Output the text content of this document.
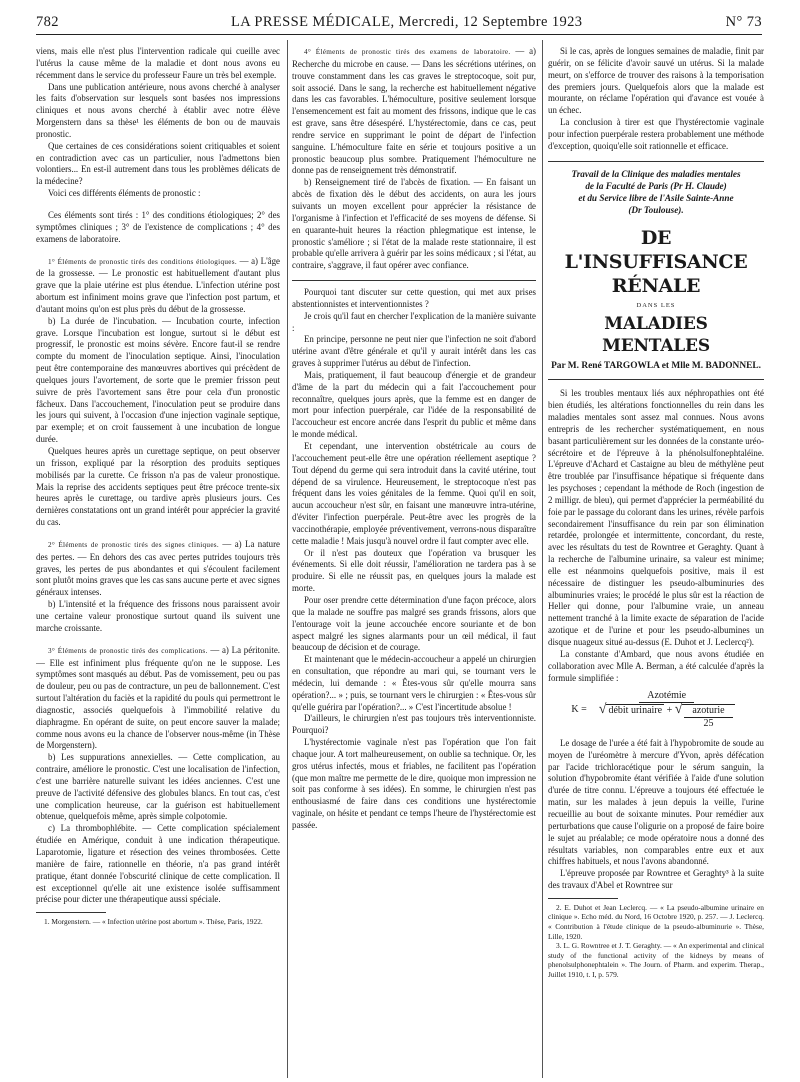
782	LA PRESSE MÉDICALE, Mercredi, 12 Septembre 1923	N° 73

viens, mais elle n'est plus l'intervention radicale qui cueille avec l'utérus la cause même de la maladie et dont nous avons eu récemment dans le service du professeur Faure un très bel exemple.

Dans une publication antérieure, nous avons cherché à analyser les faits d'observation sur lesquels sont basées nos impressions cliniques et nous avons cherché à établir avec notre élève Morgenstern dans sa thèse¹ les éléments de bon ou de mauvais pronostic.

Que certaines de ces considérations soient critiquables et soient en contradiction avec cas un particulier, nous l'admettons bien volontiers... En est-il autrement dans tous les problèmes délicats de la médecine?

Voici ces différents éléments de pronostic :

Ces éléments sont tirés : 1° des conditions étiologiques; 2° des symptômes cliniques ; 3° de l'existence de complications ; 4° des examens de laboratoire.

1° Éléments de pronostic tirés des conditions étiologiques. — a) L'âge de la grossesse. — Le pronostic est habituellement d'autant plus grave que la plaie utérine est plus étendue. L'infection utérine post abortum est infiniment moins grave que l'infection post partum, et d'autant moins qu'on est plus près du début de la grossesse.

b) La durée de l'incubation. — Incubation courte, infection grave. Lorsque l'incubation est longue, surtout si le début est progressif, le pronostic est moins sévère. Encore faut-il se rendre compte du moment de l'inoculation septique. Ainsi, l'inoculation peut être contemporaine des manœuvres abortives qui précèdent de quelques jours l'avortement, de sorte que le premier frisson peut suivre de près l'avortement sans être pour cela d'un pronostic fâcheux. Dans l'accouchement, l'inoculation peut se produire dans les jours qui suivent, à l'occasion d'une injection vaginale septique, par exemple; et on croit faussement à une incubation de longue durée.

Quelques heures après un curettage septique, on peut observer un frisson, expliqué par la résorption des produits septiques mobilisés par la curette. Ce frisson n'a pas de valeur pronostique. Mais la reprise des accidents septiques peut être précoce trente-six heures après le curettage, ou tardive après plusieurs jours. Ces dernières constatations ont un grand intérêt pour apprécier la gravité du cas.

2° Éléments de pronostic tirés des signes cliniques. — a) La nature des pertes. — En dehors des cas avec pertes putrides toujours très graves, les pertes de pus abondantes et qui s'écoulent facilement sont plutôt moins graves que les cas sans aucune perte et avec signes généraux intenses.

b) L'intensité et la fréquence des frissons nous paraissent avoir une certaine valeur pronostique surtout quand ils suivent une marche croissante.

3° Éléments de pronostic tirés des complications. — a) La péritonite. — Elle est infiniment plus fréquente qu'on ne le suppose. Les symptômes sont masqués au début. Pas de vomissement, peu ou pas de douleur, peu ou pas de contracture, un peu de ballonnement. C'est surtout l'altération du faciès et la rapidité du pouls qui permettront le diagnostic, associés quelquefois à l'immobilité relative du diaphragme. En opérant de suite, on peut encore sauver la malade; comme nous avons eu la chance de l'observer nous-même (in Thèse de Morgenstern).

b) Les suppurations annexielles. — Cette complication, au contraire, améliore le pronostic. C'est une localisation de l'infection, c'est une barrière naturelle suivant les idées anciennes. C'est une preuve de l'activité défensive des globules blancs. En tout cas, c'est une complication heureuse, car la guérison est habituellement obtenue, quelquefois même, après simple colpotomie.

c) La thrombophlébite. — Cette complication spécialement étudiée en Amérique, conduit à une indication thérapeutique. Laparotomie, ligature et résection des veines thrombosées. Cette manière de faire, rationnelle en théorie, n'a pas grand intérêt pratique, étant donnée l'obscurité clinique de cette complication. Il est exceptionnel qu'elle ait une existence isolée suffisamment précise pour dicter une thérapeutique aussi spéciale.

1. Morgenstern. — « Infection utérine post abortum ». Thèse, Paris, 1922.

4° Éléments de pronostic tirés des examens de laboratoire. — a) Recherche du microbe en cause. — Dans les sécrétions utérines, on trouve constamment dans les cas graves le streptocoque, soit pur, soit associé. Dans le sang, la recherche est habituellement négative dans les cas favorables. L'hémoculture, positive seulement lorsque l'ensemencement est fait au moment des frissons, indique que le cas est grave, sans être désespéré. L'hystérectomie, dans ce cas, peut rendre service en supprimant le point de départ de l'infection sanguine. L'hémoculture faite en série et toujours positive a un pronostic beaucoup plus sombre. Pratiquement l'hémoculture ne donne pas de renseignement très démonstratif.

b) Renseignement tiré de l'abcès de fixation. — En faisant un abcès de fixation dès le début des accidents, on aura les jours suivants un moyen excellent pour apprécier la résistance de l'organisme à l'infection et l'efficacité de ses moyens de défense. Si en quarante-huit heures la réaction phlegmatique est intense, le pronostic s'améliore ; si l'état de la malade reste stationnaire, il est probable qu'elle arrivera à guérir par les soins médicaux ; si l'état, au contraire, s'aggrave, il faut opérer avec confiance.

Pourquoi tant discuter sur cette question, qui met aux prises abstentionnistes et interventionnistes ?

Je crois qu'il faut en chercher l'explication de la manière suivante :

En principe, personne ne peut nier que l'infection ne soit d'abord utérine avant d'être générale et qu'il y aurait intérêt dans les cas graves à supprimer l'utérus au début de l'infection.

Mais, pratiquement, il faut beaucoup d'énergie et de grandeur d'âme de la part du médecin qui a fait l'accouchement pour reconnaître, quelques jours après, que la femme est en danger de mort pour infection puerpérale, car l'idée de la responsabilité de l'accoucheur est encore ancrée dans l'esprit du public et même dans le monde médical.

Et cependant, une intervention obstétricale au cours de l'accouchement peut-elle être une opération réellement aseptique ? Tout dépend du germe qui sera introduit dans la cavité utérine, tout dépend de sa virulence. Heureusement, le streptocoque n'est pas fréquent dans les voies génitales de la femme. Quoi qu'il en soit, aucun accoucheur n'est sûr, en faisant une manœuvre intra-utérine, d'éviter l'infection puerpérale. Peut-être avec les progrès de la vaccinothérapie, employée préventivement, verrons-nous disparaître cette maladie ! Mais jusqu'à nouvel ordre il faut compter avec elle.

Or il n'est pas douteux que l'opération va brusquer les événements. Si elle doit réussir, l'amélioration ne tardera pas à se produire. Si elle ne réussit pas, en quelques jours la malade est morte.

Pour oser prendre cette détermination d'une façon précoce, alors que la malade ne souffre pas malgré ses grands frissons, alors que l'entourage voit la jeune accouchée encore souriante et de bon aspect malgré les signes alarmants pour un œil médical, il faut beaucoup de décision et de courage.

Et maintenant que le médecin-accoucheur a appelé un chirurgien en consultation, que répondre au mari qui, se tournant vers le médecin, lui demande : « Êtes-vous sûr qu'elle mourra sans opération?... » ; puis, se tournant vers le chirurgien : « Êtes-vous sûr qu'elle guérira par l'opération?... » C'est l'incertitude absolue !

D'ailleurs, le chirurgien n'est pas toujours très interventionniste. Pourquoi?

L'hystérectomie vaginale n'est pas l'opération que l'on fait chaque jour. A tort malheureusement, on oublie sa technique. Or, les gros utérus infectés, mous et friables, ne facilitent pas l'opération (que mon maître me permette de le dire, quoique mon impression ne soit pas conforme à ses idées). En somme, le chirurgien n'est pas enthousiasmé de faire dans ces conditions une hystérectomie vaginale, on hésite et pendant ce temps l'heure de l'hystérectomie est passée.

Si le cas, après de longues semaines de maladie, finit par guérir, on se félicite d'avoir sauvé un utérus. Si la malade meurt, on s'efforce de trouver des raisons à la temporisation des premiers jours. Quelquefois alors que la malade est mourante, on réclame l'opération qui d'avance est vouée à un échec.

La conclusion à tirer est que l'hystérectomie vaginale pour infection puerpérale restera probablement une méthode d'exception, quoiqu'elle soit rationnelle et efficace.

Travail de la Clinique des maladies mentales

de la Faculté de Paris (Pr H. Claude)

et du Service libre de l'Asile Sainte-Anne

(Dr Toulouse).

DE L'INSUFFISANCE RÉNALE

DANS LES

MALADIES MENTALES

Par M. René TARGOWLA et Mlle M. BADONNEL.

Si les troubles mentaux liés aux néphropathies ont été bien étudiés, les altérations fonctionnelles du rein dans les maladies mentales sont assez mal connues. Nous avons entrepris de les rechercher systématiquement, en nous basant particulièrement sur les données de la constante uréo-sécrétoire et de l'épreuve à la phénolsulfonephtaléine. L'épreuve d'Achard et Castaigne au bleu de méthylène peut être troublée par l'insuffisance hépatique si fréquente dans les psychoses ; cependant la méthode de Roch (ingestion de 2 milligr. de bleu), qui permet d'apprécier la perméabilité du foie par le passage du colorant dans les urines, révèle parfois secondairement l'insuffisance du rein par son élimination retardée, prolongée et intermittente, concordant, du reste, avec les résultats du test de Rowntree et Geraghty. Quant à la recherche de l'albumine urinaire, sa valeur est minime; elle est néanmoins quelquefois positive, mais il est nécessaire de distinguer les pseudo-albuminuries des albuminuries vraies; le procédé le plus sûr est la réaction de Heller qui donne, pour l'albumine vraie, un anneau nettement tranché à la limite exacte de séparation de l'acide azotique et de l'urine et pour les pseudo-albumines un disque nuageux situé au-dessus (E. Duhot et J. Leclercq²).

La constante d'Ambard, que nous avons étudiée en collaboration avec Mlle A. Berman, a été calculée d'après la formule simplifiée :

$K = \frac{\text{Azotémie}}{√ débit urinaire + √ \frac{\text{azoturie}}{25}}$

Le dosage de l'urée a été fait à l'hypobromite de soude au moyen de l'uréomètre à mercure d'Yvon, après défécation par l'acide trichloracétique pour le sérum sanguin, la solution d'hypobromite étant vérifiée à l'aide d'une solution d'urée de titre connu. L'épreuve a toujours été effectuée le matin, sur les malades à jeun depuis la veille, l'urine recueillie au bout de soixante minutes. Pour remédier aux perturbations que cause l'oligurie on a proposé de faire boire le sujet au préalable; ce mode opératoire nous a donné des résultats variables, non comparables entre eux et aux chiffres habituels, et nous l'avons abandonné.

L'épreuve proposée par Rowntree et Geraghty³ à la suite des travaux d'Abel et Rowntree sur

2. E. Duhot et Jean Leclercq. — « La pseudo-albumine urinaire en clinique ». Echo méd. du Nord, 16 Octobre 1920, p. 257. — J. Leclercq. « Contribution à l'étude clinique de la pseudo-albuminurie ». Thèse, Lille, 1920.

3. L. G. Rowntree et J. T. Geraghty. — « An experimental and clinical study of the functional activity of the kidneys by means of phenolsulphonephtalein ». The Journ. of Pharm. and experim. Therap., Juillet 1910, t. I, p. 579.
